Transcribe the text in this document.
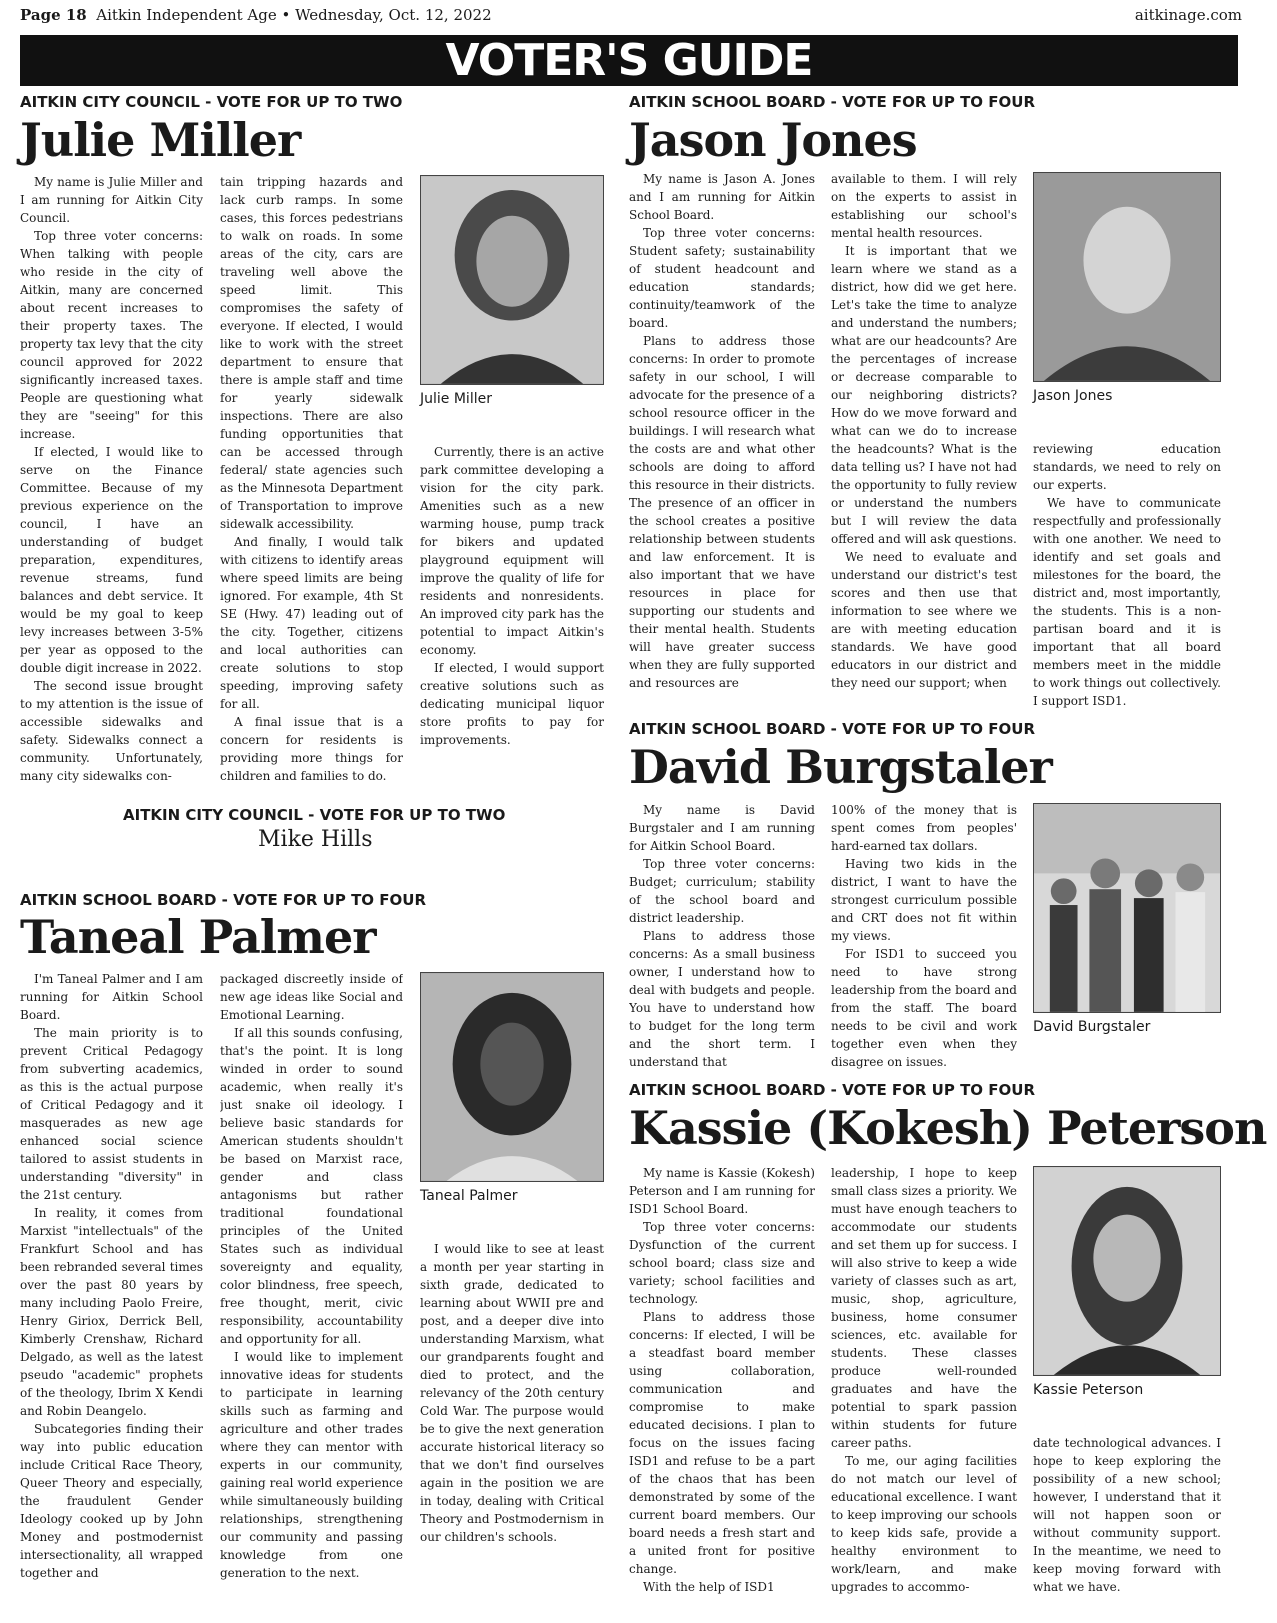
Page 18 Aitkin Independent Age • Wednesday, Oct. 12, 2022	aitkinage.com
VOTER'S GUIDE
AITKIN CITY COUNCIL - VOTE FOR UP TO TWO
Julie Miller

My name is Julie Miller and I am running for Aitkin City Council.

Top three voter concerns: When talking with people who reside in the city of Aitkin, many are concerned about recent increases to their property taxes. The property tax levy that the city council approved for 2022 significantly increased taxes. People are questioning what they are "seeing" for this increase.

If elected, I would like to serve on the Finance Committee. Because of my previous experience on the council, I have an understanding of budget preparation, expenditures, revenue streams, fund balances and debt service. It would be my goal to keep levy increases between 3-5% per year as opposed to the double digit increase in 2022.

The second issue brought to my attention is the issue of accessible sidewalks and safety. Sidewalks connect a community. Unfortunately, many city sidewalks con-

tain tripping hazards and lack curb ramps. In some cases, this forces pedestrians to walk on roads. In some areas of the city, cars are traveling well above the speed limit. This compromises the safety of everyone. If elected, I would like to work with the street department to ensure that there is ample staff and time for yearly sidewalk inspections. There are also funding opportunities that can be accessed through federal/ state agencies such as the Minnesota Department of Transportation to improve sidewalk accessibility.

And finally, I would talk with citizens to identify areas where speed limits are being ignored. For example, 4th St SE (Hwy. 47) leading out of the city. Together, citizens and local authorities can create solutions to stop speeding, improving safety for all.

A final issue that is a concern for residents is providing more things for children and families to do.

Julie Miller

Currently, there is an active park committee developing a vision for the city park. Amenities such as a new warming house, pump track for bikers and updated playground equipment will improve the quality of life for residents and nonresidents. An improved city park has the potential to impact Aitkin's economy.

If elected, I would support creative solutions such as dedicating municipal liquor store profits to pay for improvements.

AITKIN CITY COUNCIL - VOTE FOR UP TO TWO
Mike Hills
AITKIN SCHOOL BOARD - VOTE FOR UP TO FOUR
Taneal Palmer

I'm Taneal Palmer and I am running for Aitkin School Board.

The main priority is to prevent Critical Pedagogy from subverting academics, as this is the actual purpose of Critical Pedagogy and it masquerades as new age enhanced social science tailored to assist students in understanding "diversity" in the 21st century.

In reality, it comes from Marxist "intellectuals" of the Frankfurt School and has been rebranded several times over the past 80 years by many including Paolo Freire, Henry Giriox, Derrick Bell, Kimberly Crenshaw, Richard Delgado, as well as the latest pseudo "academic" prophets of the theology, Ibrim X Kendi and Robin Deangelo.

Subcategories finding their way into public education include Critical Race Theory, Queer Theory and especially, the fraudulent Gender Ideology cooked up by John Money and postmodernist intersectionality, all wrapped together and

packaged discreetly inside of new age ideas like Social and Emotional Learning.

If all this sounds confusing, that's the point. It is long winded in order to sound academic, when really it's just snake oil ideology. I believe basic standards for American students shouldn't be based on Marxist race, gender and class antagonisms but rather traditional foundational principles of the United States such as individual sovereignty and equality, color blindness, free speech, free thought, merit, civic responsibility, accountability and opportunity for all.

I would like to implement innovative ideas for students to participate in learning skills such as farming and agriculture and other trades where they can mentor with experts in our community, gaining real world experience while simultaneously building relationships, strengthening our community and passing knowledge from one generation to the next.

Taneal Palmer

I would like to see at least a month per year starting in sixth grade, dedicated to learning about WWII pre and post, and a deeper dive into understanding Marxism, what our grandparents fought and died to protect, and the relevancy of the 20th century Cold War. The purpose would be to give the next generation accurate historical literacy so that we don't find ourselves again in the position we are in today, dealing with Critical Theory and Postmodernism in our children's schools.

AITKIN SCHOOL BOARD - VOTE FOR UP TO FOUR
Jason Jones

My name is Jason A. Jones and I am running for Aitkin School Board.

Top three voter concerns: Student safety; sustainability of student headcount and education standards; continuity/teamwork of the board.

Plans to address those concerns: In order to promote safety in our school, I will advocate for the presence of a school resource officer in the buildings. I will research what the costs are and what other schools are doing to afford this resource in their districts. The presence of an officer in the school creates a positive relationship between students and law enforcement. It is also important that we have resources in place for supporting our students and their mental health. Students will have greater success when they are fully supported and resources are

available to them. I will rely on the experts to assist in establishing our school's mental health resources.

It is important that we learn where we stand as a district, how did we get here. Let's take the time to analyze and understand the numbers; what are our headcounts? Are the percentages of increase or decrease comparable to our neighboring districts? How do we move forward and what can we do to increase the headcounts? What is the data telling us? I have not had the opportunity to fully review or understand the numbers but I will review the data offered and will ask questions.

We need to evaluate and understand our district's test scores and then use that information to see where we are with meeting education standards. We have good educators in our district and they need our support; when

Jason Jones

reviewing education standards, we need to rely on our experts.

We have to communicate respectfully and professionally with one another. We need to identify and set goals and milestones for the board, the district and, most importantly, the students. This is a non-partisan board and it is important that all board members meet in the middle to work things out collectively. I support ISD1.

AITKIN SCHOOL BOARD - VOTE FOR UP TO FOUR
David Burgstaler

My name is David Burgstaler and I am running for Aitkin School Board.

Top three voter concerns: Budget; curriculum; stability of the school board and district leadership.

Plans to address those concerns: As a small business owner, I understand how to deal with budgets and people. You have to understand how to budget for the long term and the short term. I understand that

100% of the money that is spent comes from peoples' hard-earned tax dollars.

Having two kids in the district, I want to have the strongest curriculum possible and CRT does not fit within my views.

For ISD1 to succeed you need to have strong leadership from the board and from the staff. The board needs to be civil and work together even when they disagree on issues.

David Burgstaler
AITKIN SCHOOL BOARD - VOTE FOR UP TO FOUR
Kassie (Kokesh) Peterson

My name is Kassie (Kokesh) Peterson and I am running for ISD1 School Board.

Top three voter concerns: Dysfunction of the current school board; class size and variety; school facilities and technology.

Plans to address those concerns: If elected, I will be a steadfast board member using collaboration, communication and compromise to make educated decisions. I plan to focus on the issues facing ISD1 and refuse to be a part of the chaos that has been demonstrated by some of the current board members. Our board needs a fresh start and a united front for positive change.

With the help of ISD1

leadership, I hope to keep small class sizes a priority. We must have enough teachers to accommodate our students and set them up for success. I will also strive to keep a wide variety of classes such as art, music, shop, agriculture, business, home consumer sciences, etc. available for students. These classes produce well-rounded graduates and have the potential to spark passion within students for future career paths.

To me, our aging facilities do not match our level of educational excellence. I want to keep improving our schools to keep kids safe, provide a healthy environment to work/learn, and make upgrades to accommo-

Kassie Peterson

date technological advances. I hope to keep exploring the possibility of a new school; however, I understand that it will not happen soon or without community support. In the meantime, we need to keep moving forward with what we have.
